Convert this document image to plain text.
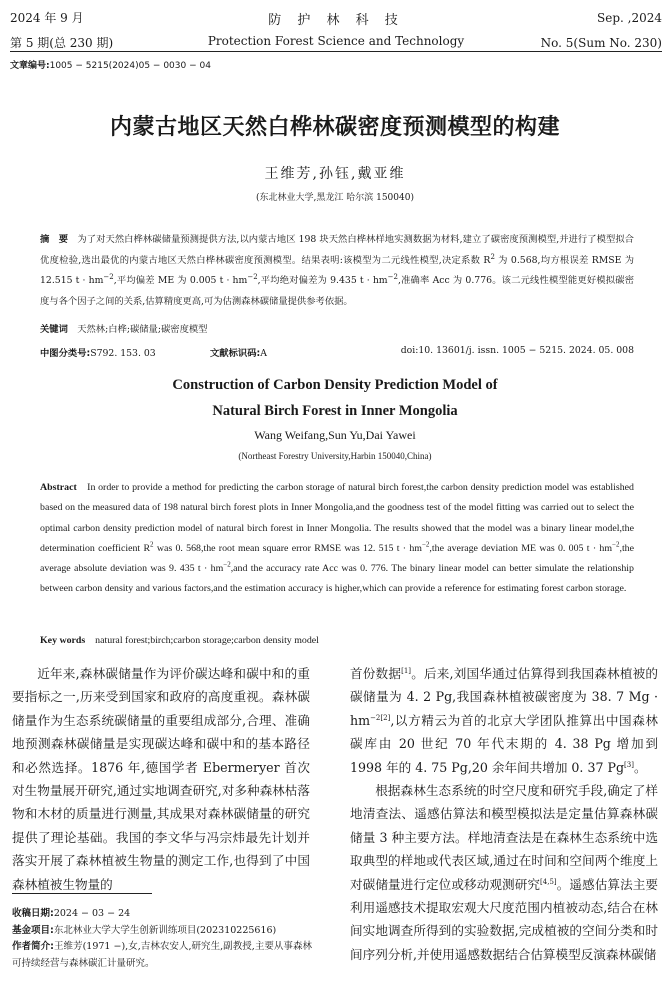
2024 年 9 月	防 护 林 科 技	Sep. ,2024
第 5 期(总 230 期)	Protection Forest Science and Technology	No. 5(Sum No. 230)
文章编号:1005 − 5215(2024)05 − 0030 − 04
内蒙古地区天然白桦林碳密度预测模型的构建
王维芳,孙钰,戴亚维
(东北林业大学,黑龙江 哈尔滨 150040)
摘　要　为了对天然白桦林碳储量预测提供方法,以内蒙古地区 198 块天然白桦林样地实测数据为材料,建立了碳密度预测模型,并进行了模型拟合优度检验,选出最优的内蒙古地区天然白桦林碳密度预测模型。结果表明:该模型为二元线性模型,决定系数 $R^2$ 为 0.568,均方根误差 RMSE 为 12.515 $t \cdot hm^{-2}$,平均偏差 ME 为 0.005 $t \cdot hm^{-2}$,平均绝对偏差为 9.435 $t \cdot hm^{-2}$,准确率 Acc 为 0.776。该二元线性模型能更好模拟碳密度与各个因子之间的关系,估算精度更高,可为估测森林碳储量提供参考依据。
关键词　天然林;白桦;碳储量;碳密度模型
中图分类号:S792. 153. 03	文献标识码:A	doi:10. 13601/j. issn. 1005 − 5215. 2024. 05. 008
Construction of Carbon Density Prediction Model of
Natural Birch Forest in Inner Mongolia
Wang Weifang,Sun Yu,Dai Yawei
(Northeast Forestry University,Harbin 150040,China)
Abstract　In order to provide a method for predicting the carbon storage of natural birch forest,the carbon density prediction model was established based on the measured data of 198 natural birch forest plots in Inner Mongolia,and the goodness test of the model fitting was carried out to select the optimal carbon density prediction model of natural birch forest in Inner Mongolia. The results showed that the model was a binary linear model,the determination coefficient $R^2$ was 0. 568,the root mean square error RMSE was 12. 515 $t \cdot hm^{-2},the$ average deviation ME was 0. 005 $t \cdot hm^{-2},the$ average absolute deviation was 9. 435 $t \cdot hm^{-2},and$ the accuracy rate Acc was 0. 776. The binary linear model can better simulate the relationship between carbon density and various factors,and the estimation accuracy is higher,which can provide a reference for estimating forest carbon storage.
Key words　natural forest;birch;carbon storage;carbon density model

近年来,森林碳储量作为评价碳达峰和碳中和的重要指标之一,历来受到国家和政府的高度重视。森林碳储量作为生态系统碳储量的重要组成部分,合理、准确地预测森林碳储量是实现碳达峰和碳中和的基本路径和必然选择。1876 年,德国学者 Ebermeryer 首次对生物量展开研究,通过实地调查研究,对多种森林枯落物和木材的质量进行测量,其成果对森林碳储量的研究提供了理论基础。我国的李文华与冯宗炜最先计划并落实开展了森林植被生物量的测定工作,也得到了中国森林植被生物量的

首份数据[1]。后来,刘国华通过估算得到我国森林植被的碳储量为 4. 2 Pg,我国森林植被碳密度为 38. 7 $Mg \cdot hm^{-2[2]}$,以方精云为首的北京大学团队推算出中国森林碳库由 20 世纪 70 年代末期的 4. 38 Pg 增加到 1998 年的 4. 75 Pg,20 余年间共增加 0. 37 Pg[3]。

根据森林生态系统的时空尺度和研究手段,确定了样地清查法、遥感估算法和模型模拟法是定量估算森林碳储量 3 种主要方法。样地清查法是在森林生态系统中选取典型的样地或代表区域,通过在时间和空间两个维度上对碳储量进行定位或移动观测研究[4,5]。遥感估算法主要利用遥感技术提取宏观大尺度范围内植被动态,结合在林间实地调查所得到的实验数据,完成植被的空间分类和时间序列分析,并使用遥感数据结合估算模型反演森林碳储

收稿日期:2024 − 03 − 24
基金项目:东北林业大学大学生创新训练项目(202310225616)
作者简介:王维芳(1971 −),女,吉林农安人,研究生,副教授,主要从事森林可持续经营与森林碳汇计量研究。
